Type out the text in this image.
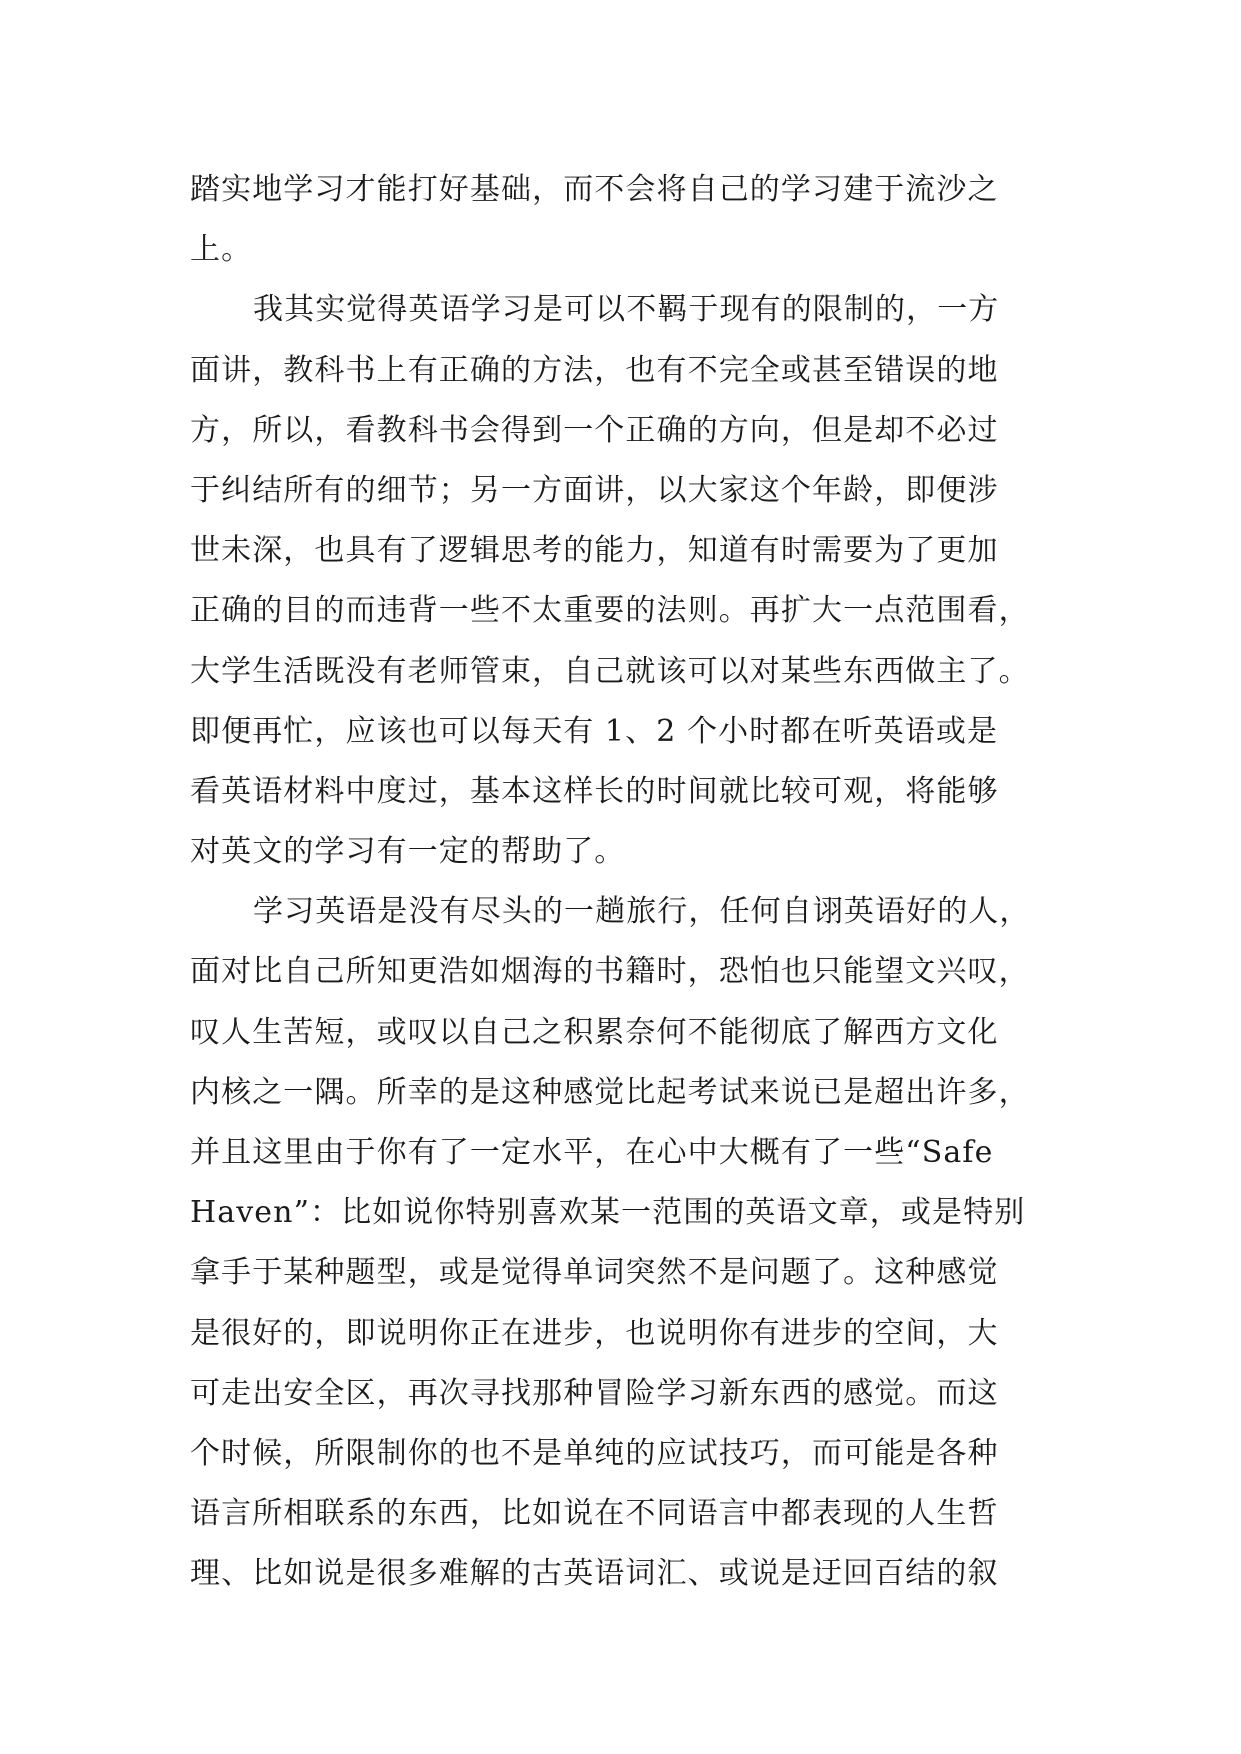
踏实地学习才能打好基础，而不会将自己的学习建于流沙之
上。
我其实觉得英语学习是可以不羁于现有的限制的，一方
面讲，教科书上有正确的方法，也有不完全或甚至错误的地
方，所以，看教科书会得到一个正确的方向，但是却不必过
于纠结所有的细节；另一方面讲，以大家这个年龄，即便涉
世未深，也具有了逻辑思考的能力，知道有时需要为了更加
正确的目的而违背一些不太重要的法则。再扩大一点范围看，
大学生活既没有老师管束，自己就该可以对某些东西做主了。
即便再忙，应该也可以每天有 1、2 个小时都在听英语或是
看英语材料中度过，基本这样长的时间就比较可观，将能够
对英文的学习有一定的帮助了。
学习英语是没有尽头的一趟旅行，任何自诩英语好的人，
面对比自己所知更浩如烟海的书籍时，恐怕也只能望文兴叹，
叹人生苦短，或叹以自己之积累奈何不能彻底了解西方文化
内核之一隅。所幸的是这种感觉比起考试来说已是超出许多，
并且这里由于你有了一定水平，在心中大概有了一些“Safe
Haven”：比如说你特别喜欢某一范围的英语文章，或是特别
拿手于某种题型，或是觉得单词突然不是问题了。这种感觉
是很好的，即说明你正在进步，也说明你有进步的空间，大
可走出安全区，再次寻找那种冒险学习新东西的感觉。而这
个时候，所限制你的也不是单纯的应试技巧，而可能是各种
语言所相联系的东西，比如说在不同语言中都表现的人生哲
理、比如说是很多难解的古英语词汇、或说是迂回百结的叙
